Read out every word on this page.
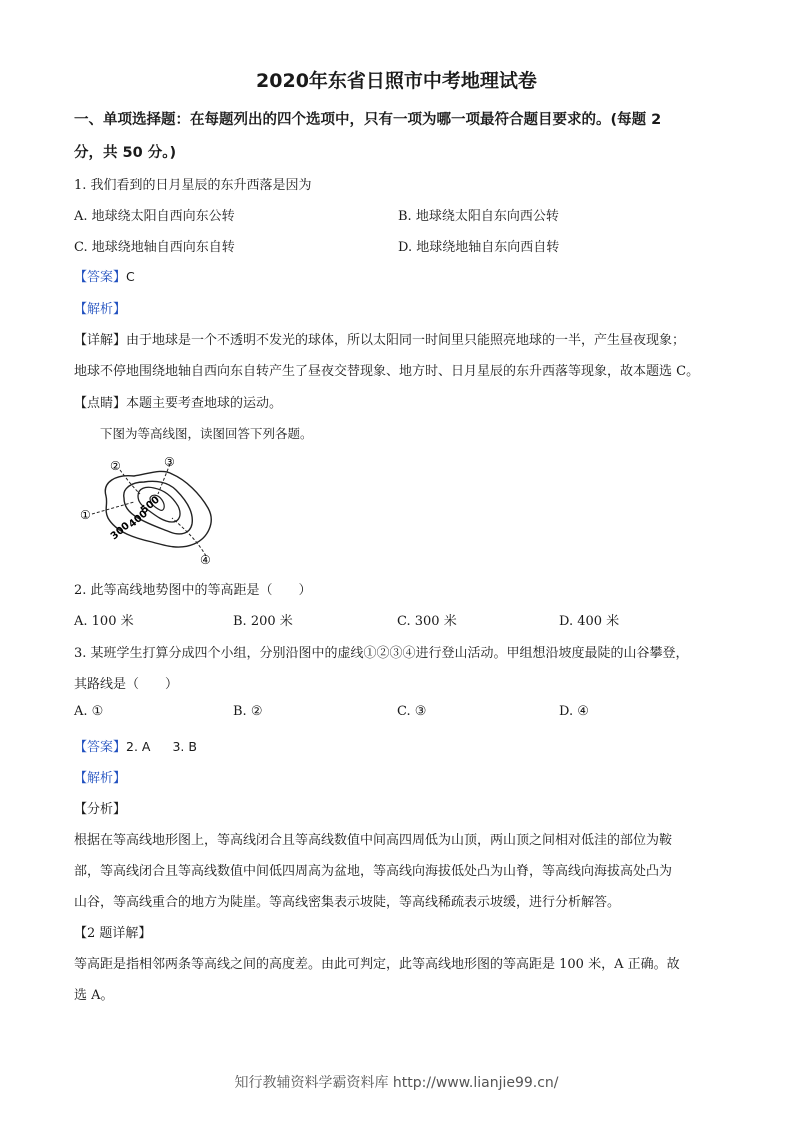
2020年东省日照市中考地理试卷
一、单项选择题：在每题列出的四个选项中，只有一项为哪一项最符合题目要求的。(每题 2
分，共 50 分。)
1. 我们看到的日月星辰的东升西落是因为
A. 地球绕太阳自西向东公转	B. 地球绕太阳自东向西公转
C. 地球绕地轴自西向东自转	D. 地球绕地轴自东向西自转
【答案】C
【解析】
【详解】由于地球是一个不透明不发光的球体，所以太阳同一时间里只能照亮地球的一半，产生昼夜现象；
地球不停地围绕地轴自西向东自转产生了昼夜交替现象、地方时、日月星辰的东升西落等现象，故本题选 C。
【点睛】本题主要考查地球的运动。
下图为等高线图，读图回答下列各题。
①
②	③
④
300
400
500
2. 此等高线地势图中的等高距是（　　）
A. 100 米	B. 200 米	C. 300 米	D. 400 米
3. 某班学生打算分成四个小组，分别沿图中的虚线①②③④进行登山活动。甲组想沿坡度最陡的山谷攀登，
其路线是（　　）
A. ①	B. ②	C. ③	D. ④
【答案】2. A 3. B
【解析】
【分析】
根据在等高线地形图上，等高线闭合且等高线数值中间高四周低为山顶，两山顶之间相对低洼的部位为鞍
部，等高线闭合且等高线数值中间低四周高为盆地，等高线向海拔低处凸为山脊，等高线向海拔高处凸为
山谷，等高线重合的地方为陡崖。等高线密集表示坡陡，等高线稀疏表示坡缓，进行分析解答。
【2 题详解】
等高距是指相邻两条等高线之间的高度差。由此可判定，此等高线地形图的等高距是 100 米，A 正确。故
选 A。
知行教辅资料学霸资料库 http://www.lianjie99.cn/
